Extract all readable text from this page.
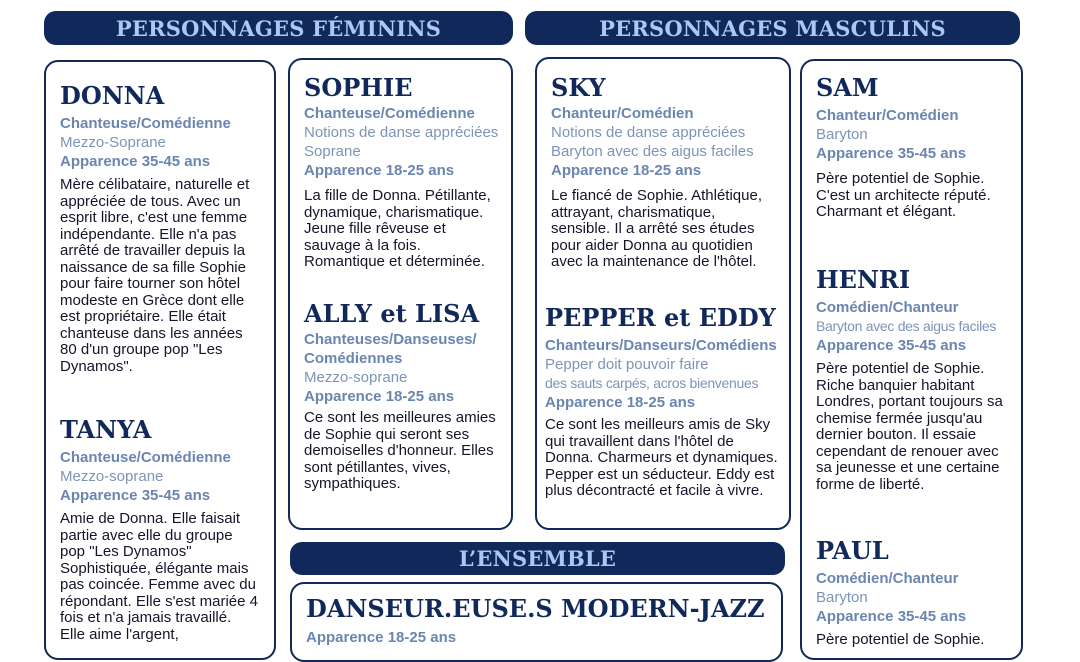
PERSONNAGES FÉMININS	PERSONNAGES MASCULINS
L’ENSEMBLE
DONNA
Chanteuse/Comédienne
Mezzo-Soprane
Apparence 35-45 ans
Mère célibataire, naturelle et appréciée de tous. Avec un esprit libre, c'est une femme indépendante. Elle n'a pas arrêté de travailler depuis la naissance de sa fille Sophie pour faire tourner son hôtel modeste en Grèce dont elle est propriétaire. Elle était chanteuse dans les années 80 d'un groupe pop "Les Dynamos".
TANYA
Chanteuse/Comédienne
Mezzo-soprane
Apparence 35-45 ans
Amie de Donna. Elle faisait partie avec elle du groupe pop "Les Dynamos" Sophistiquée, élégante mais pas coincée. Femme avec du répondant. Elle s'est mariée 4 fois et n'a jamais travaillé. Elle aime l'argent,
SOPHIE
Chanteuse/Comédienne
Notions de danse appréciées
Soprane
Apparence 18-25 ans
La fille de Donna. Pétillante, dynamique, charismatique. Jeune fille rêveuse et sauvage à la fois. Romantique et déterminée.
ALLY et LISA
Chanteuses/Danseuses/ Comédiennes
Mezzo-soprane
Apparence 18-25 ans
Ce sont les meilleures amies de Sophie qui seront ses demoiselles d'honneur. Elles sont pétillantes, vives, sympathiques.
SKY
Chanteur/Comédien
Notions de danse appréciées
Baryton avec des aigus faciles
Apparence 18-25 ans
Le fiancé de Sophie. Athlétique, attrayant, charismatique, sensible. Il a arrêté ses études pour aider Donna au quotidien avec la maintenance de l'hôtel.
PEPPER et EDDY
Chanteurs/Danseurs/Comédiens
Pepper doit pouvoir faire
des sauts carpés, acros bienvenues
Apparence 18-25 ans
Ce sont les meilleurs amis de Sky qui travaillent dans l'hôtel de Donna. Charmeurs et dynamiques. Pepper est un séducteur. Eddy est plus décontracté et facile à vivre.
SAM
Chanteur/Comédien
Baryton
Apparence 35-45 ans
Père potentiel de Sophie. C'est un architecte réputé. Charmant et élégant.
HENRI
Comédien/Chanteur
Baryton avec des aigus faciles
Apparence 35-45 ans
Père potentiel de Sophie. Riche banquier habitant Londres, portant toujours sa chemise fermée jusqu'au dernier bouton. Il essaie cependant de renouer avec sa jeunesse et une certaine forme de liberté.
PAUL
Comédien/Chanteur
Baryton
Apparence 35-45 ans
Père potentiel de Sophie.
DANSEUR.EUSE.S MODERN-JAZZ
Apparence 18-25 ans
